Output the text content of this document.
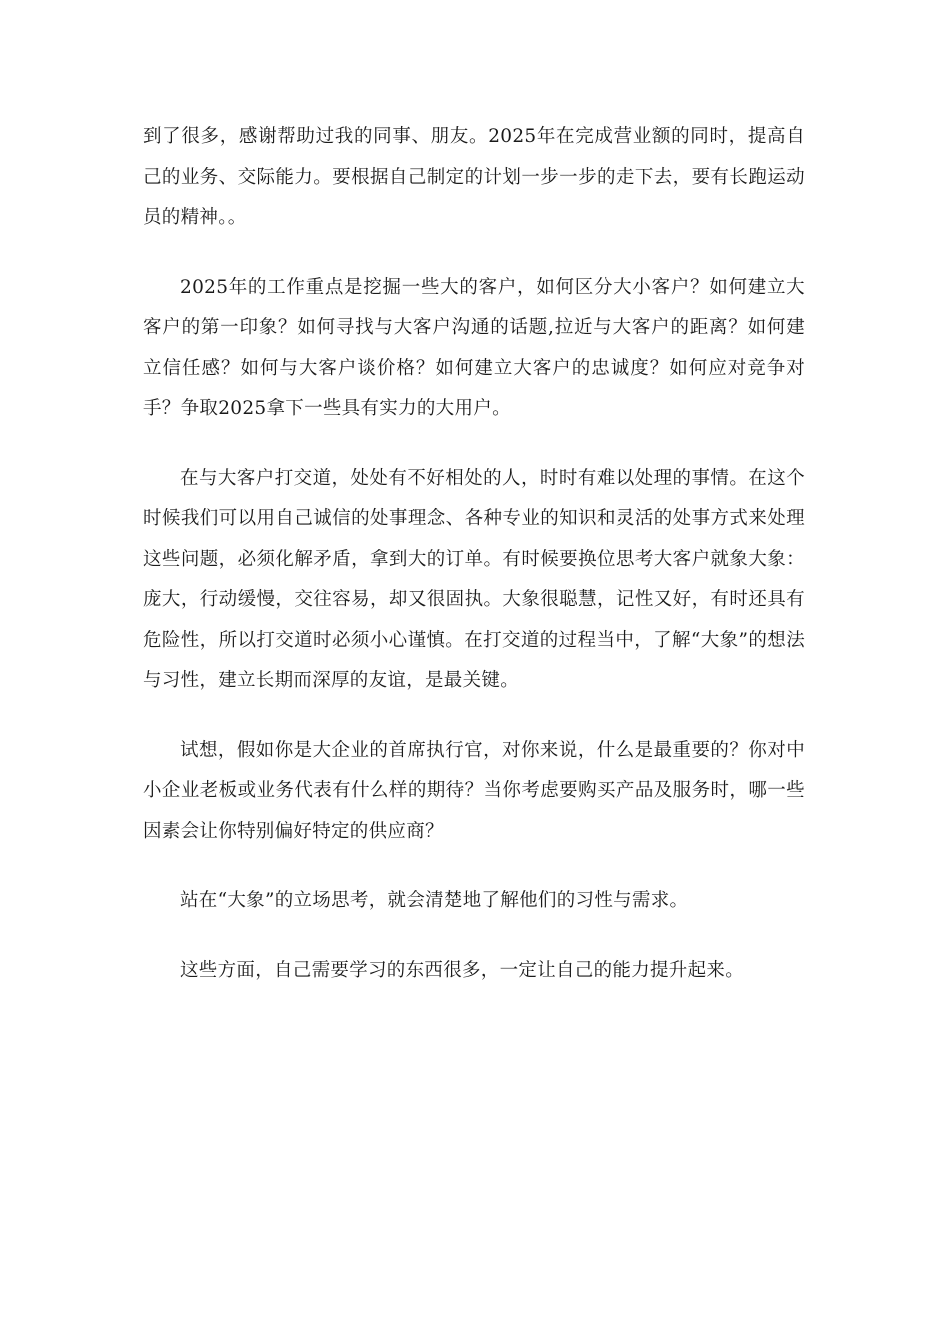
到了很多，感谢帮助过我的同事、朋友。2025年在完成营业额的同时，提高自己的业务、交际能力。要根据自己制定的计划一步一步的走下去，要有长跑运动员的精神。。

2025年的工作重点是挖掘一些大的客户，如何区分大小客户？如何建立大客户的第一印象？如何寻找与大客户沟通的话题,拉近与大客户的距离？如何建立信任感？如何与大客户谈价格？如何建立大客户的忠诚度？如何应对竞争对手？争取2025拿下一些具有实力的大用户。

在与大客户打交道，处处有不好相处的人，时时有难以处理的事情。在这个时候我们可以用自己诚信的处事理念、各种专业的知识和灵活的处事方式来处理这些问题，必须化解矛盾，拿到大的订单。有时候要换位思考大客户就象大象：庞大，行动缓慢，交往容易，却又很固执。大象很聪慧，记性又好，有时还具有危险性，所以打交道时必须小心谨慎。在打交道的过程当中，了解“大象”的想法与习性，建立长期而深厚的友谊，是最关键。

试想，假如你是大企业的首席执行官，对你来说，什么是最重要的？你对中小企业老板或业务代表有什么样的期待？当你考虑要购买产品及服务时，哪一些因素会让你特别偏好特定的供应商？

站在“大象”的立场思考，就会清楚地了解他们的习性与需求。

这些方面，自己需要学习的东西很多，一定让自己的能力提升起来。
